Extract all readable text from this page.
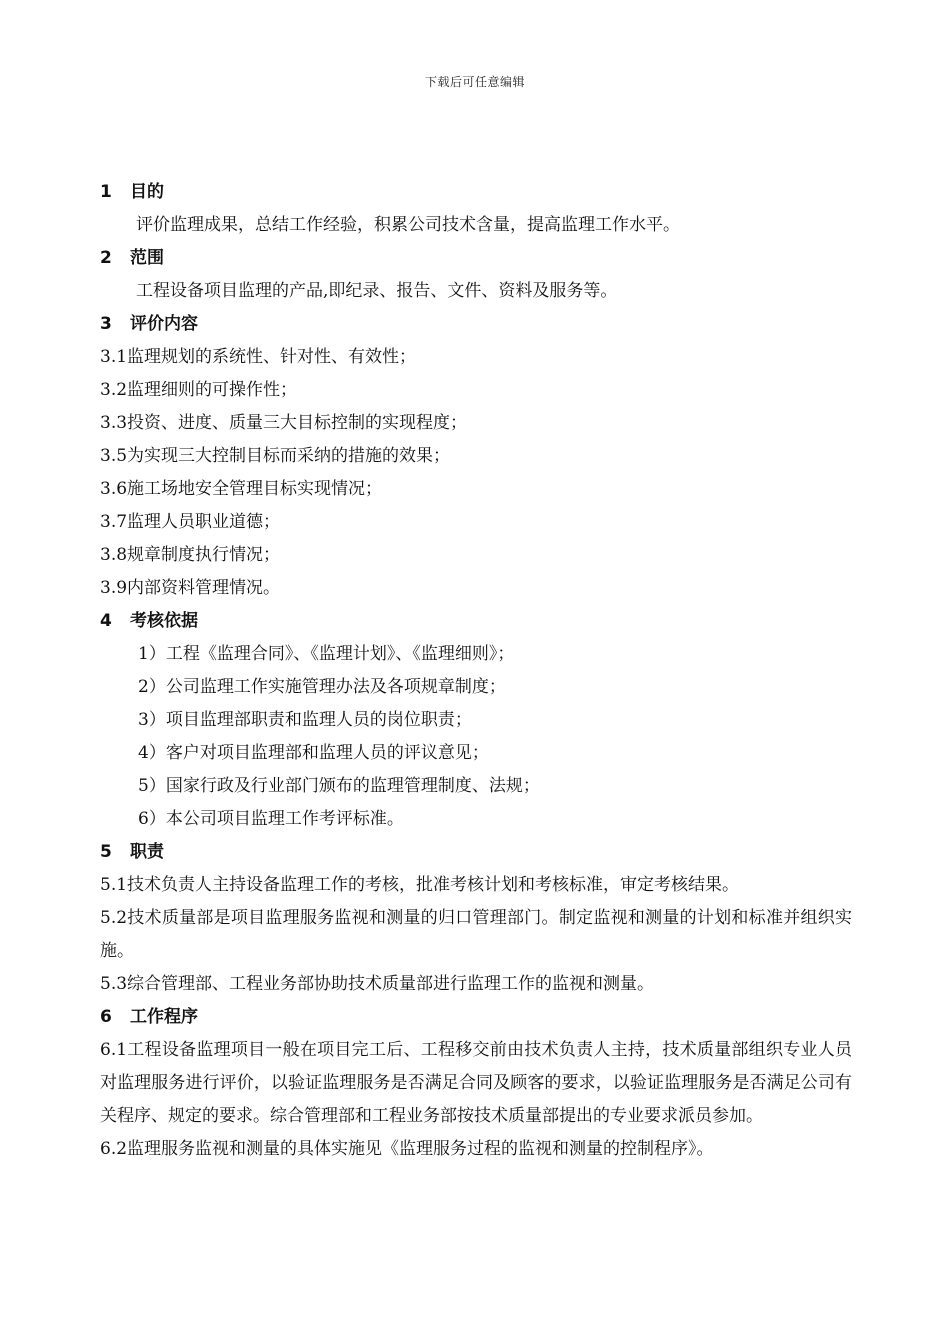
下载后可任意编辑
1 目的
评价监理成果，总结工作经验，积累公司技术含量，提高监理工作水平。
2 范围
工程设备项目监理的产品,即纪录、报告、文件、资料及服务等。
3 评价内容
3.1监理规划的系统性、针对性、有效性；
3.2监理细则的可操作性；
3.3投资、进度、质量三大目标控制的实现程度；
3.5为实现三大控制目标而采纳的措施的效果；
3.6施工场地安全管理目标实现情况；
3.7监理人员职业道德；
3.8规章制度执行情况；
3.9内部资料管理情况。
4 考核依据
1）工程《监理合同》、《监理计划》、《监理细则》；
2）公司监理工作实施管理办法及各项规章制度；
3）项目监理部职责和监理人员的岗位职责；
4）客户对项目监理部和监理人员的评议意见；
5）国家行政及行业部门颁布的监理管理制度、法规；
6）本公司项目监理工作考评标准。
5 职责
5.1技术负责人主持设备监理工作的考核，批准考核计划和考核标准，审定考核结果。
5.2技术质量部是项目监理服务监视和测量的归口管理部门。制定监视和测量的计划和标准并组织实施。
5.3综合管理部、工程业务部协助技术质量部进行监理工作的监视和测量。
6 工作程序
6.1工程设备监理项目一般在项目完工后、工程移交前由技术负责人主持，技术质量部组织专业人员对监理服务进行评价，以验证监理服务是否满足合同及顾客的要求，以验证监理服务是否满足公司有关程序、规定的要求。综合管理部和工程业务部按技术质量部提出的专业要求派员参加。
6.2监理服务监视和测量的具体实施见《监理服务过程的监视和测量的控制程序》。
